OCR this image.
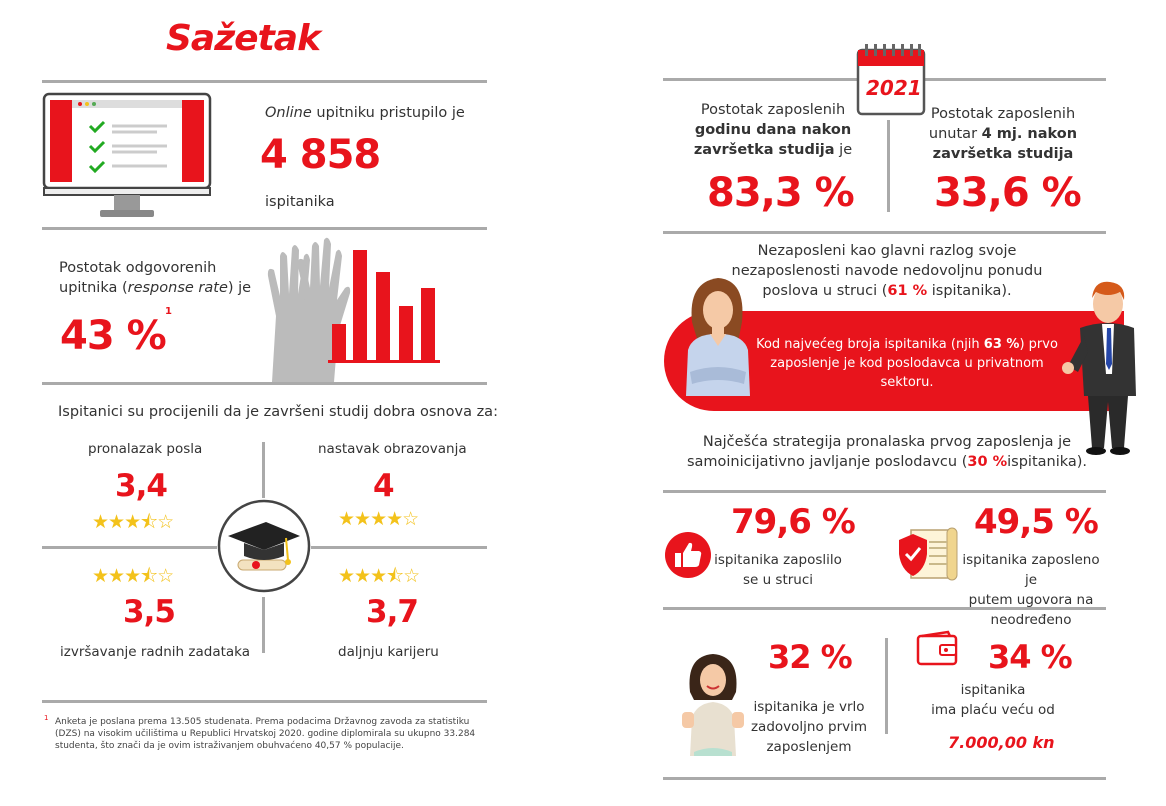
Sažetak
Online upitniku pristupilo je
4 858
ispitanika
Postotak odgovorenih
upitnika (response rate) je
43 %
1
Ispitanici su procijenili da je završeni studij dobra osnova za:
pronalazak posla
3,4
★★★⯪☆
nastavak obrazovanja
4
★★★★☆
★★★⯪☆
3,5
izvršavanje radnih zadataka
★★★⯪☆
3,7
daljnju karijeru
1 Anketa je poslana prema 13.505 studenata. Prema podacima Državnog zavoda za statistiku (DZS) na visokim učilištima u Republici Hrvatskoj 2020. godine diplomirala su ukupno 33.284 studenta, što znači da je ovim istraživanjem obuhvaćeno 40,57 % populacije.
2021
Postotak zaposlenih
godinu dana nakon
završetka studija je
83,3 %
Postotak zaposlenih
unutar 4 mj. nakon
završetka studija
33,6 %
Nezaposleni kao glavni razlog svoje
nezaposlenosti navode nedovoljnu ponudu
poslova u struci (61 % ispitanika).
Kod najvećeg broja ispitanika (njih 63 %) prvo
zaposlenje je kod poslodavca u privatnom
sektoru.
Najčešća strategija pronalaska prvog zaposlenja je
samoinicijativno javljanje poslodavcu (30 %ispitanika).
79,6 %
ispitanika zaposlilo
se u struci
49,5 %
ispitanika zaposleno je
putem ugovora na
neodređeno
32 %
ispitanika je vrlo
zadovoljno prvim
zaposlenjem
34 %
ispitanika
ima plaću veću od
7.000,00 kn
